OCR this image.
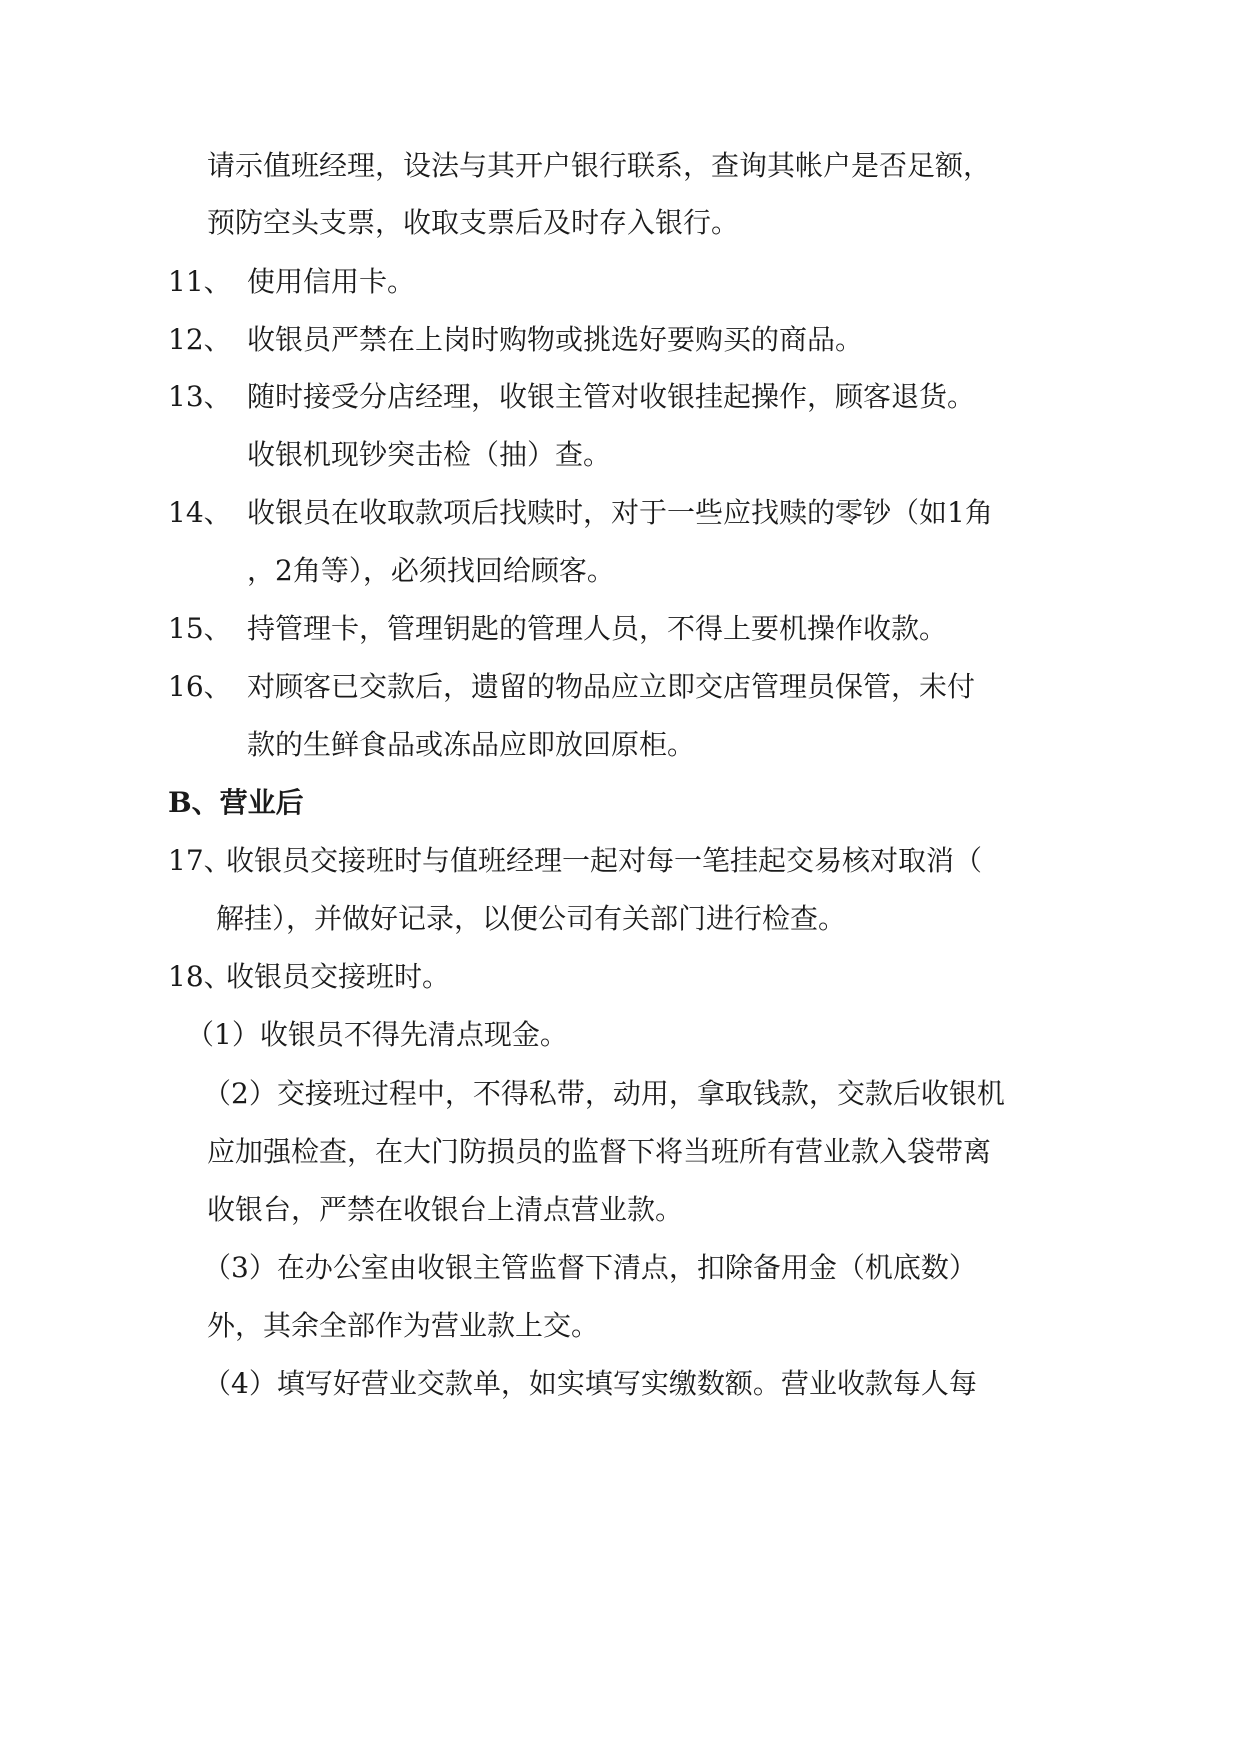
请示值班经理，设法与其开户银行联系，查询其帐户是否足额，
预防空头支票，收取支票后及时存入银行。
11、 使用信用卡。
12、 收银员严禁在上岗时购物或挑选好要购买的商品。
13、 随时接受分店经理，收银主管对收银挂起操作，顾客退货。
收银机现钞突击检（抽）查。
14、 收银员在收取款项后找赎时，对于一些应找赎的零钞（如1角
，2角等），必须找回给顾客。
15、 持管理卡，管理钥匙的管理人员，不得上要机操作收款。
16、 对顾客已交款后，遗留的物品应立即交店管理员保管，未付
款的生鲜食品或冻品应即放回原柜。
B、营业后
17、
收银员交接班时与值班经理一起对每一笔挂起交易核对取消（
解挂），并做好记录，以便公司有关部门进行检查。
18、
收银员交接班时。
（1）收银员不得先清点现金。
（2）交接班过程中，不得私带，动用，拿取钱款，交款后收银机
应加强检查，在大门防损员的监督下将当班所有营业款入袋带离
收银台，严禁在收银台上清点营业款。
（3）在办公室由收银主管监督下清点，扣除备用金（机底数）
外，其余全部作为营业款上交。
（4）填写好营业交款单，如实填写实缴数额。营业收款每人每
